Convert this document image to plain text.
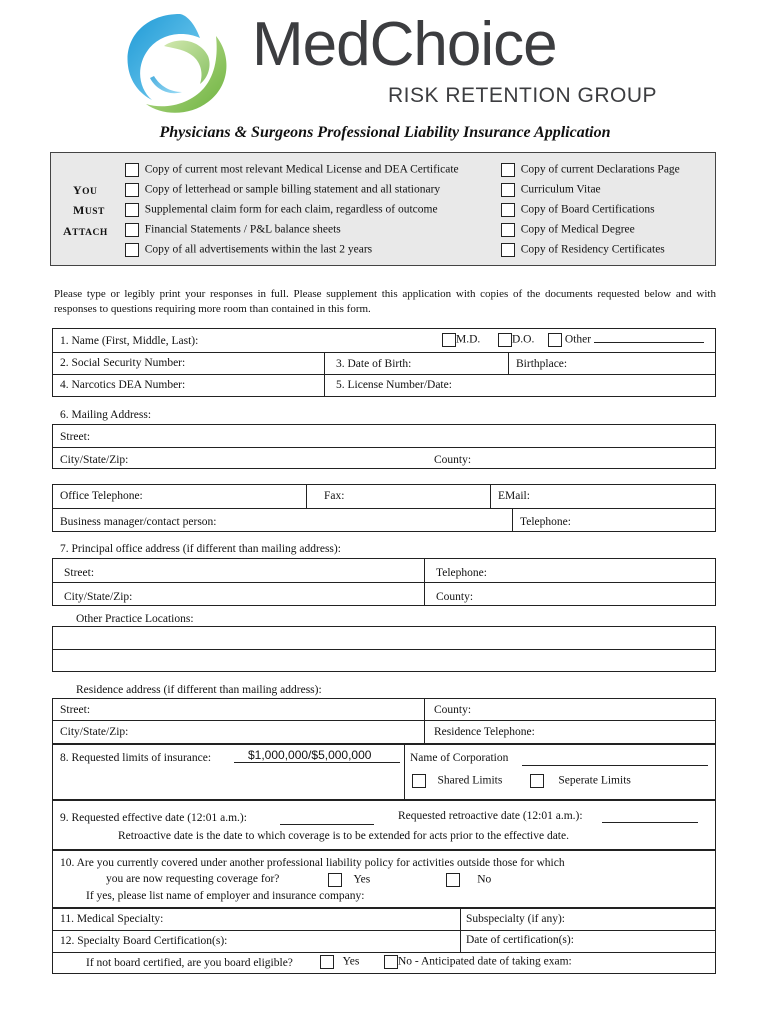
MedChoice
RISK RETENTION GROUP
Physicians & Surgeons Professional Liability Insurance Application
YOU
MUST
ATTACH
Copy of current most relevant Medical License and DEA Certificate
Copy of letterhead or sample billing statement and all stationary
Supplemental claim form for each claim, regardless of outcome
Financial Statements / P&L balance sheets
Copy of all advertisements within the last 2 years
Copy of current Declarations Page
Curriculum Vitae
Copy of Board Certifications
Copy of Medical Degree
Copy of Residency Certificates
Please type or legibly print your responses in full. Please supplement this application with copies of the documents requested below and with responses to questions requiring more room than contained in this form.
1. Name (First, Middle, Last):	M.D.	D.O.	Other
2. Social Security Number:	3. Date of Birth:	Birthplace:
4. Narcotics DEA Number:	5. License Number/Date:
6. Mailing Address:
Street:
City/State/Zip:	County:
Office Telephone:	Fax:	EMail:
Business manager/contact person:	Telephone:
7. Principal office address (if different than mailing address):
Street:	Telephone:
City/State/Zip:	County:
Other Practice Locations:
Residence address (if different than mailing address):
Street:	County:
City/State/Zip:	Residence Telephone:
8. Requested limits of insurance:	$1,000,000/$5,000,000	Name of Corporation
Shared Limits	Seperate Limits
9. Requested effective date (12:01 a.m.):	Requested retroactive date (12:01 a.m.):
Retroactive date is the date to which coverage is to be extended for acts prior to the effective date.
10. Are you currently covered under another professional liability policy for activities outside those for which
you are now requesting coverage for?	Yes	No
If yes, please list name of employer and insurance company:
11. Medical Specialty:	Subspecialty (if any):
12. Specialty Board Certification(s):	Date of certification(s):
If not board certified, are you board eligible?	Yes	No - Anticipated date of taking exam:
